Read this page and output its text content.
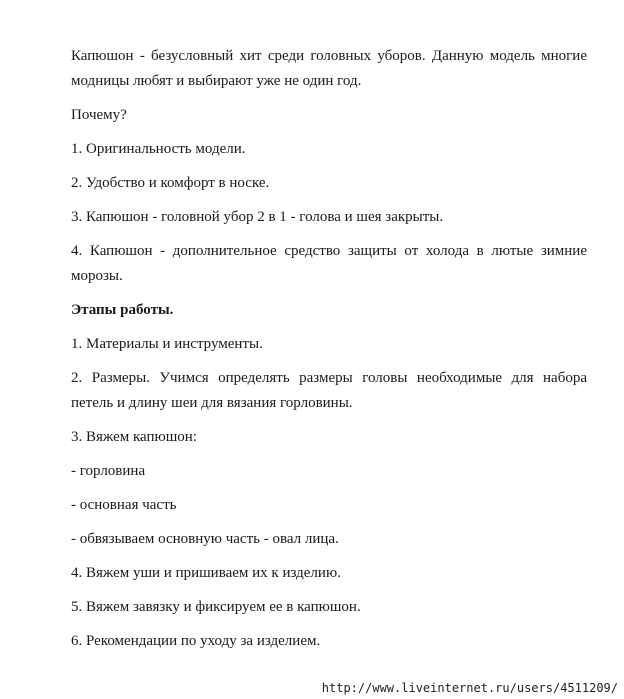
Капюшон - безусловный хит среди головных уборов. Данную модель многие модницы любят и выбирают уже не один год.

Почему?

1. Оригинальность модели.

2. Удобство и комфорт в носке.

3. Капюшон - головной убор 2 в 1 - голова и шея закрыты.

4. Капюшон - дополнительное средство защиты от холода в лютые зимние морозы.

Этапы работы.

1. Материалы и инструменты.

2. Размеры. Учимся определять размеры головы необходимые для набора петель и длину шеи для вязания горловины.

3. Вяжем капюшон:

- горловина

- основная часть

- обвязываем основную часть - овал лица.

4. Вяжем уши и пришиваем их к изделию.

5. Вяжем завязку и фиксируем ее в капюшон.

6. Рекомендации по уходу за изделием.

http://www.liveinternet.ru/users/4511209/
